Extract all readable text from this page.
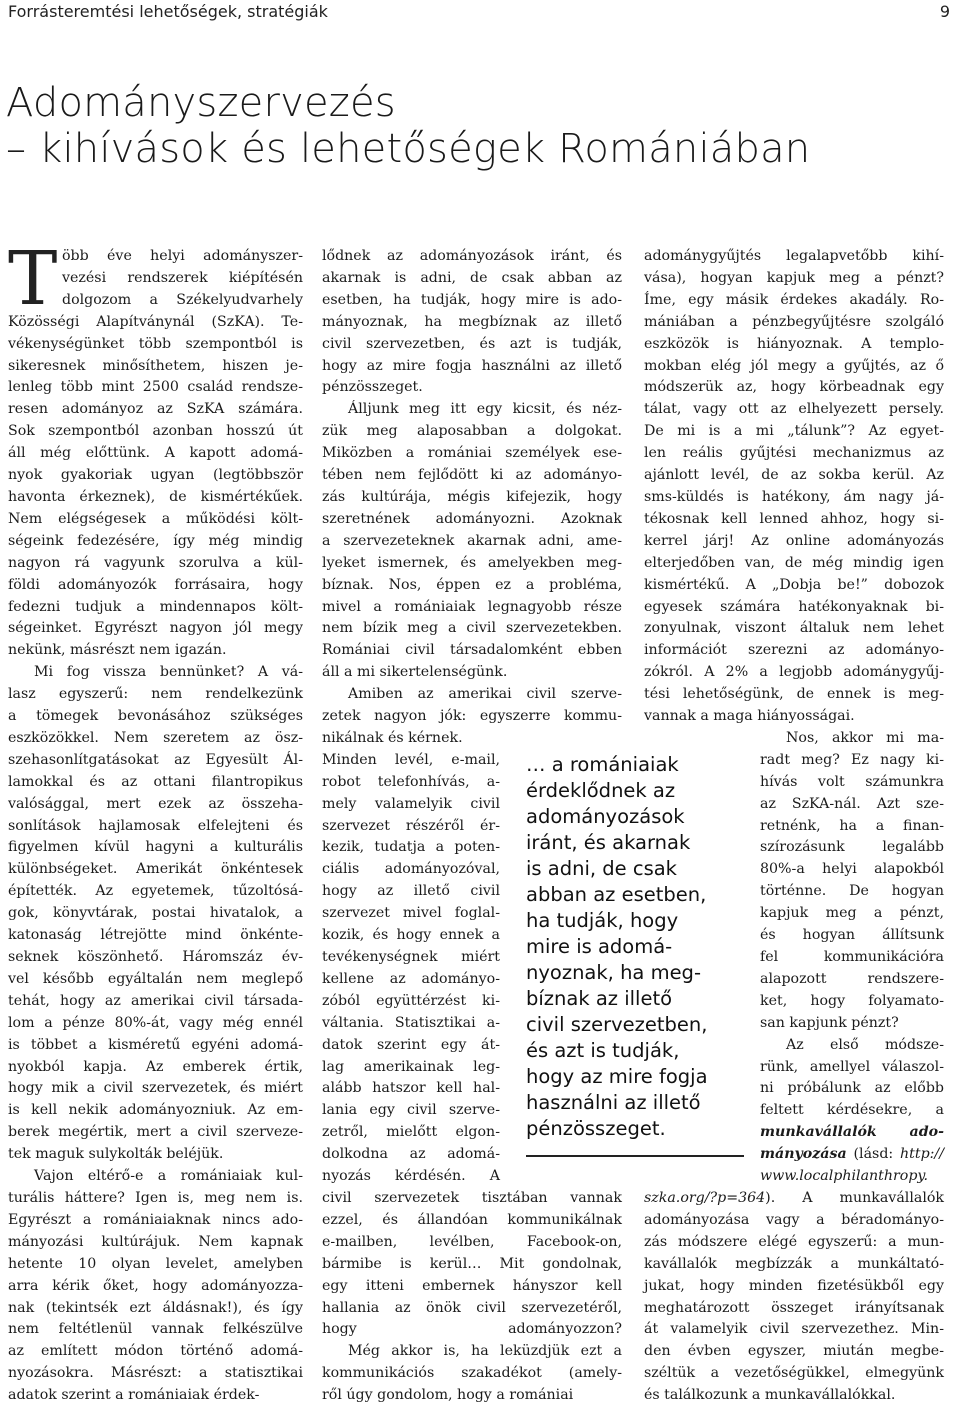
Forrásteremtési lehetőségek, stratégiák	9
Adományszervezés
– kihívások és lehetőségek Romániában
T öbb éve helyi adományszer-

vezési rendszerek kiépítésén

dolgozom a Székelyudvarhely

Közösségi Alapítványnál (SzKA). Te-

vékenységünket több szempontból is

sikeresnek minősíthetem, hiszen je-

lenleg több mint 2500 család rendsze-

resen adományoz az SzKA számára.

Sok szempontból azonban hosszú út

áll még előttünk. A kapott adomá-

nyok gyakoriak ugyan (legtöbbször

havonta érkeznek), de kismértékűek.

Nem elégségesek a működési költ-

ségeink fedezésére, így még mindig

nagyon rá vagyunk szorulva a kül-

földi adományozók forrásaira, hogy

fedezni tudjuk a mindennapos költ-

ségeinket. Egyrészt nagyon jól megy

nekünk, másrészt nem igazán.

Mi fog vissza bennünket? A vá-

lasz egyszerű: nem rendelkezünk

a tömegek bevonásához szükséges

eszközökkel. Nem szeretem az ösz-

szehasonlítgatásokat az Egyesült Ál-

lamokkal és az ottani filantropikus

valósággal, mert ezek az összeha-

sonlítások hajlamosak elfelejteni és

figyelmen kívül hagyni a kulturális

különbségeket. Amerikát önkéntesek

építették. Az egyetemek, tűzoltósá-

gok, könyvtárak, postai hivatalok, a

katonaság létrejötte mind önkénte-

seknek köszönhető. Háromszáz év-

vel később egyáltalán nem meglepő

tehát, hogy az amerikai civil társada-

lom a pénze 80%-át, vagy még ennél

is többet a kisméretű egyéni adomá-

nyokból kapja. Az emberek értik,

hogy mik a civil szervezetek, és miért

is kell nekik adományozniuk. Az em-

berek megértik, mert a civil szerveze-

tek maguk sulykolták beléjük.

Vajon eltérő-e a romániaiak kul-

turális háttere? Igen is, meg nem is.

Egyrészt a romániaiaknak nincs ado-

mányozási kultúrájuk. Nem kapnak

hetente 10 olyan levelet, amelyben

arra kérik őket, hogy adományozza-

nak (tekintsék ezt áldásnak!), és így

nem feltétlenül vannak felkészülve

az említett módon történő adomá-

nyozásokra. Másrészt: a statisztikai

adatok szerint a romániaiak érdek-

lődnek az adományozások iránt, és

akarnak is adni, de csak abban az

esetben, ha tudják, hogy mire is ado-

mányoznak, ha megbíznak az illető

civil szervezetben, és azt is tudják,

hogy az mire fogja használni az illető

pénzösszeget.

Álljunk meg itt egy kicsit, és néz-

zük meg alaposabban a dolgokat.

Miközben a romániai személyek ese-

tében nem fejlődött ki az adományo-

zás kultúrája, mégis kifejezik, hogy

szeretnének adományozni. Azoknak

a szervezeteknek akarnak adni, ame-

lyeket ismernek, és amelyekben meg-

bíznak. Nos, éppen ez a probléma,

mivel a romániaiak legnagyobb része

nem bízik meg a civil szervezetekben.

Romániai civil társadalomként ebben

áll a mi sikertelenségünk.

Amiben az amerikai civil szerve-

zetek nagyon jók: egyszerre kommu-

nikálnak és kérnek.

Minden levél, e-mail,

robot telefonhívás, a-

mely valamelyik civil

szervezet részéről ér-

kezik, tudatja a poten-

ciális adományozóval,

hogy az illető civil

szervezet mivel foglal-

kozik, és hogy ennek a

tevékenységnek miért

kellene az adományo-

zóból együttérzést ki-

váltania. Statisztikai a-

datok szerint egy át-

lag amerikainak leg-

alább hatszor kell hal-

lania egy civil szerve-

zetről, mielőtt elgon-

dolkodna az adomá-

nyozás kérdésén. A

civil szervezetek tisztában vannak

ezzel, és állandóan kommunikálnak

e-mailben, levélben, Facebook-on,

bármibe is kerül… Mit gondolnak,

egy itteni embernek hányszor kell

hallania az önök civil szervezetéről,

hogy adományozzon?

Még akkor is, ha leküzdjük ezt a

kommunikációs szakadékot (amely-

ről úgy gondolom, hogy a romániai

adománygyűjtés legalapvetőbb kihí-

vása), hogyan kapjuk meg a pénzt?

Íme, egy másik érdekes akadály. Ro-

mániában a pénzbegyűjtésre szolgáló

eszközök is hiányoznak. A templo-

mokban elég jól megy a gyűjtés, az ő

módszerük az, hogy körbeadnak egy

tálat, vagy ott az elhelyezett persely.

De mi is a mi „tálunk”? Az egyet-

len reális gyűjtési mechanizmus az

ajánlott levél, de az sokba kerül. Az

sms-küldés is hatékony, ám nagy já-

tékosnak kell lenned ahhoz, hogy si-

kerrel járj! Az online adományozás

elterjedőben van, de még mindig igen

kismértékű. A „Dobja be!” dobozok

egyesek számára hatékonyaknak bi-

zonyulnak, viszont általuk nem lehet

információt szerezni az adományo-

zókról. A 2% a legjobb adománygyűj-

tési lehetőségünk, de ennek is meg-

vannak a maga hiányosságai.

Nos, akkor mi ma-

radt meg? Ez nagy ki-

hívás volt számunkra

az SzKA-nál. Azt sze-

retnénk, ha a finan-

szírozásunk legalább

80%-a helyi alapokból

történne. De hogyan

kapjuk meg a pénzt,

és hogyan állítsunk

fel kommunikációra

alapozott rendszere-

ket, hogy folyamato-

san kapjunk pénzt?

Az első módsze-

rünk, amellyel válaszol-

ni próbálunk az előbb

feltett kérdésekre, a

munkavállalók ado-

mányozása (lásd: http://

www.localphilanthropy.

szka.org/?p=364). A munkavállalók

adományozása vagy a béradományo-

zás módszere elégé egyszerű: a mun-

kavállalók megbízzák a munkáltató-

jukat, hogy minden fizetésükből egy

meghatározott összeget irányítsanak

át valamelyik civil szervezethez. Min-

den évben egyszer, miután megbe-

széltük a vezetőségükkel, elmegyünk

és találkozunk a munkavállalókkal.

… a romániaiak
érdeklődnek az
adományozások
iránt, és akarnak
is adni, de csak
abban az esetben,
ha tudják, hogy
mire is adomá-
nyoznak, ha meg-
bíznak az illető
civil szervezetben,
és azt is tudják,
hogy az mire fogja
használni az illető
pénzösszeget.
